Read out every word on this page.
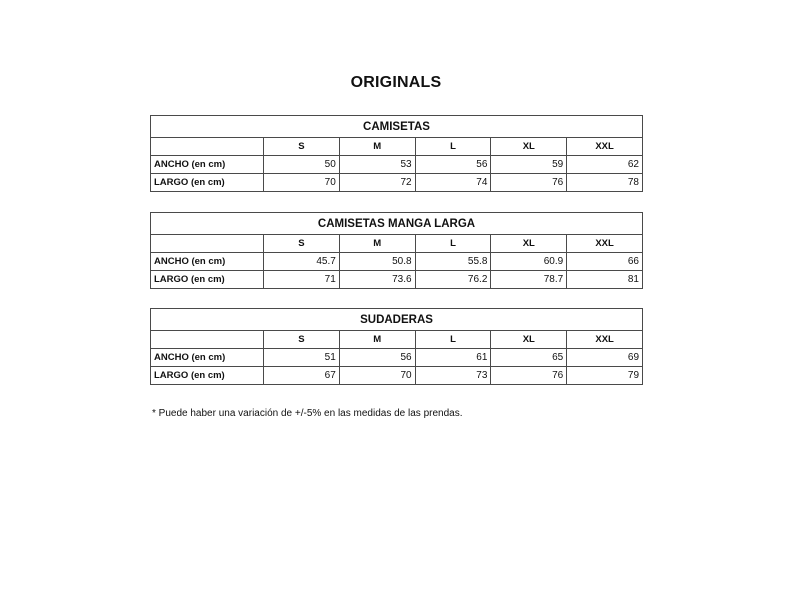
ORIGINALS
CAMISETAS					
	S	M	L	XL	XXL
ANCHO (en cm)	50	53	56	59	62
LARGO (en cm)	70	72	74	76	78
CAMISETAS MANGA LARGA					
	S	M	L	XL	XXL
ANCHO (en cm)	45.7	50.8	55.8	60.9	66
LARGO (en cm)	71	73.6	76.2	78.7	81
SUDADERAS					
	S	M	L	XL	XXL
ANCHO (en cm)	51	56	61	65	69
LARGO (en cm)	67	70	73	76	79
* Puede haber una variación de +/-5% en las medidas de las prendas.
